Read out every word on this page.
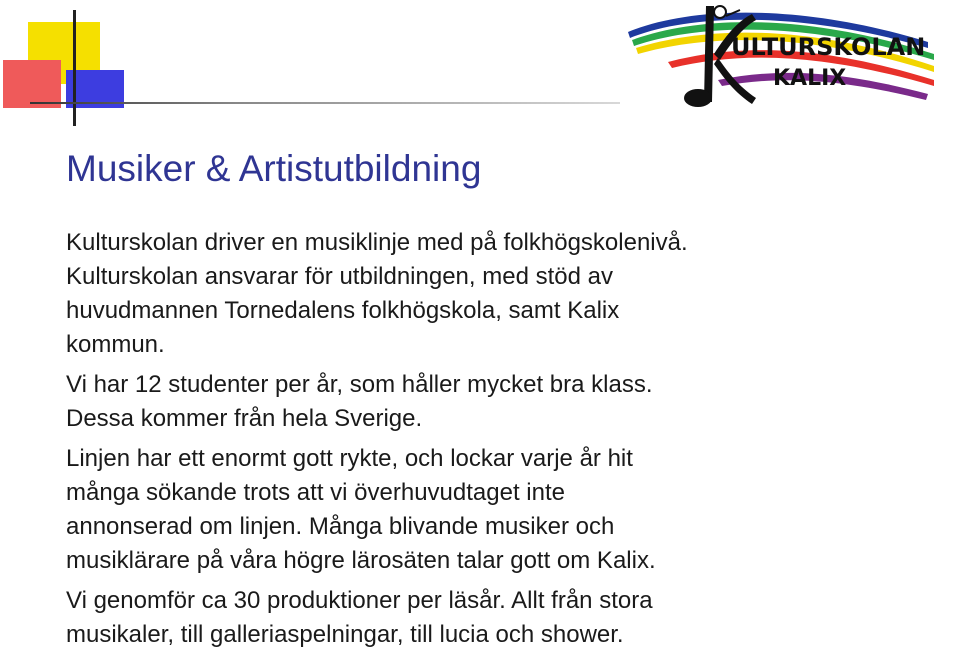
ULTURSKOLAN
KALIX
Musiker & Artistutbildning
Kulturskolan driver en musiklinje med på folkhögskolenivå.
Kulturskolan ansvarar för utbildningen, med stöd av
huvudmannen Tornedalens folkhögskola, samt Kalix
kommun.
Vi har 12 studenter per år, som håller mycket bra klass.
Dessa kommer från hela Sverige.
Linjen har ett enormt gott rykte, och lockar varje år hit
många sökande trots att vi överhuvudtaget inte
annonserad om linjen. Många blivande musiker och
musiklärare på våra högre lärosäten talar gott om Kalix.
Vi genomför ca 30 produktioner per läsår. Allt från stora
musikaler, till galleriaspelningar, till lucia och shower.
